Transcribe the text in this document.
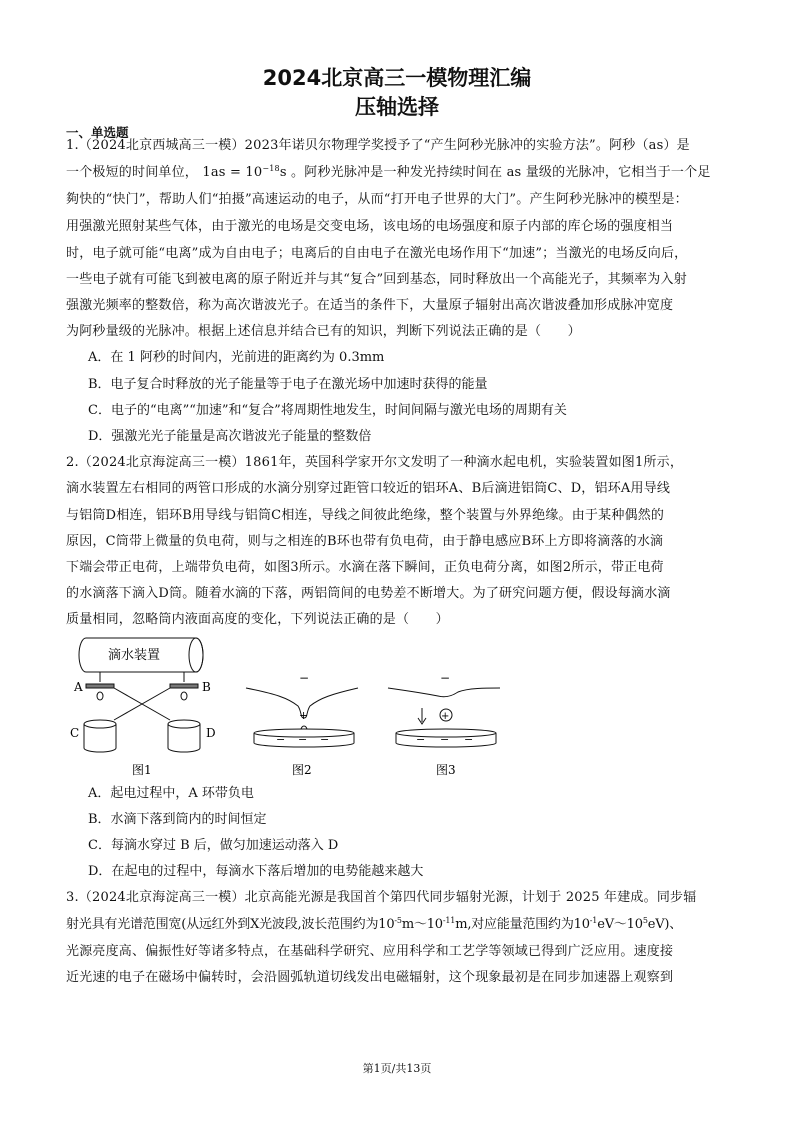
2024北京高三一模物理汇编
压轴选择
一、单选题
1.（2024北京西城高三一模）2023年诺贝尔物理学奖授予了“产生阿秒光脉冲的实验方法”。阿秒（as）是
一个极短的时间单位， $1as = 10^{-18}s$ 。阿秒光脉冲是一种发光持续时间在 as 量级的光脉冲，它相当于一个足
夠快的“快门”，帮助人们“拍摄”高速运动的电子，从而“打开电子世界的大门”。产生阿秒光脉冲的模型是：
用强激光照射某些气体，由于激光的电场是交变电场，该电场的电场强度和原子内部的库仑场的强度相当
时，电子就可能“电离”成为自由电子；电离后的自由电子在激光电场作用下“加速”；当激光的电场反向后，
一些电子就有可能飞到被电离的原子附近并与其“复合”回到基态，同时释放出一个高能光子，其频率为入射
强激光频率的整数倍，称为高次谐波光子。在适当的条件下，大量原子辐射出高次谐波叠加形成脉冲宽度
为阿秒量级的光脉冲。根据上述信息并结合已有的知识，判断下列说法正确的是（　　）
A．在 1 阿秒的时间内，光前进的距离约为 0.3mm
B．电子复合时释放的光子能量等于电子在激光场中加速时获得的能量
C．电子的“电离”“加速”和“复合”将周期性地发生，时间间隔与激光电场的周期有关
D．强激光光子能量是高次谐波光子能量的整数倍
2.（2024北京海淀高三一模）1861年，英国科学家开尔文发明了一种滴水起电机，实验装置如图1所示，
滴水装置左右相同的两管口形成的水滴分别穿过距管口较近的铝环A、B后滴进铝筒C、D，铝环A用导线
与铝筒D相连，铝环B用导线与铝筒C相连，导线之间彼此绝缘，整个装置与外界绝缘。由于某种偶然的
原因，C筒带上微量的负电荷，则与之相连的B环也带有负电荷，由于静电感应B环上方即将滴落的水滴
下端会带正电荷，上端带负电荷，如图3所示。水滴在落下瞬间，正负电荷分离，如图2所示，带正电荷
的水滴落下滴入D筒。随着水滴的下落，两铝筒间的电势差不断增大。为了研究问题方便，假设每滴水滴
质量相同，忽略筒内液面高度的变化，下列说法正确的是（　　）
滴水装置
A	B
C	D
图1
−
+
− − −
图2
−
+
− − −
图3
A．起电过程中，A 环带负电
B．水滴下落到筒内的时间恒定
C．每滴水穿过 B 后，做匀加速运动落入 D
D．在起电的过程中，每滴水下落后增加的电势能越来越大
3.（2024北京海淀高三一模）北京高能光源是我国首个第四代同步辐射光源，计划于 2025 年建成。同步辐
射光具有光谱范围宽(从远红外到X光波段,波长范围约为$10^{-5}m\sim 10^{-11}m$,对应能量范围约为$10^{-1}eV\sim 10^5eV$)、
光源亮度高、偏振性好等诸多特点，在基础科学研究、应用科学和工艺学等领域已得到广泛应用。速度接
近光速的电子在磁场中偏转时，会沿圆弧轨道切线发出电磁辐射，这个现象最初是在同步加速器上观察到
第1页/共13页
